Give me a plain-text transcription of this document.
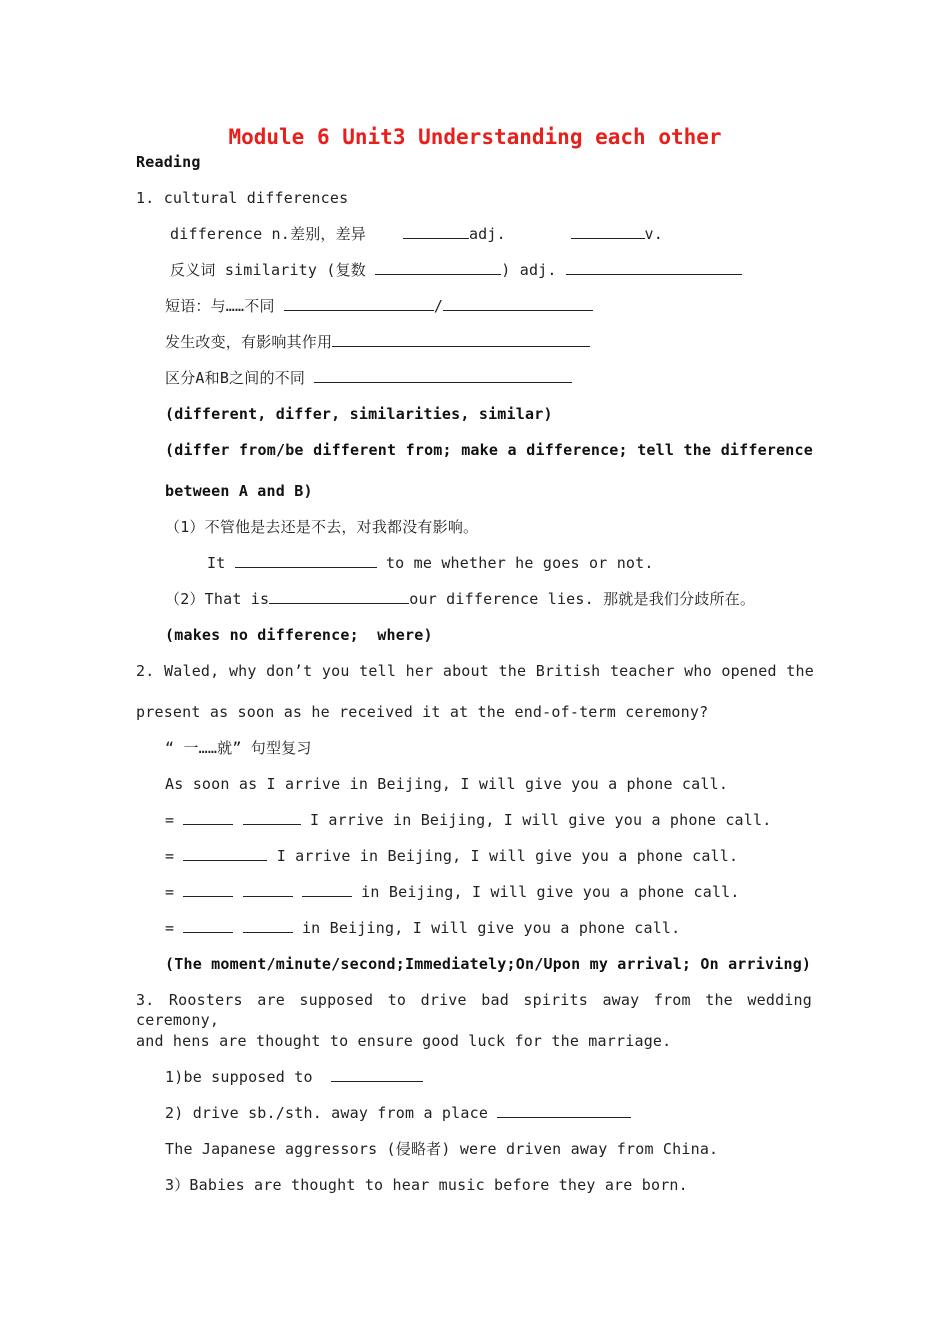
Module 6 Unit3 Understanding each other
Reading
1. cultural differences
difference n.差别，差异	adj.	v.
反义词 similarity (复数	) adj.
短语：与……不同	/
发生改变，有影响其作用
区分A和B之间的不同
(different, differ, similarities, similar)
(differ from/be different from; make a difference; tell the difference
between A and B)
（1）不管他是去还是不去，对我都没有影响。
It	to me whether he goes or not.
（2）That is	our difference lies. 那就是我们分歧所在。
(makes no difference;  where)
2. Waled, why don’t you tell her about the British teacher who opened the
present as soon as he received it at the end-of-term ceremony?
“ 一……就” 句型复习
As soon as I arrive in Beijing, I will give you a phone call.
=	I arrive in Beijing, I will give you a phone call.
=	I arrive in Beijing, I will give you a phone call.
=	in Beijing, I will give you a phone call.
=	in Beijing, I will give you a phone call.
(The moment/minute/second;Immediately;On/Upon my arrival; On arriving)
3. Roosters are supposed to drive bad spirits away from the wedding ceremony,
and hens are thought to ensure good luck for the marriage.
1)be supposed to
2) drive sb./sth. away from a place
The Japanese aggressors (侵略者) were driven away from China.
3）Babies are thought to hear music before they are born.
